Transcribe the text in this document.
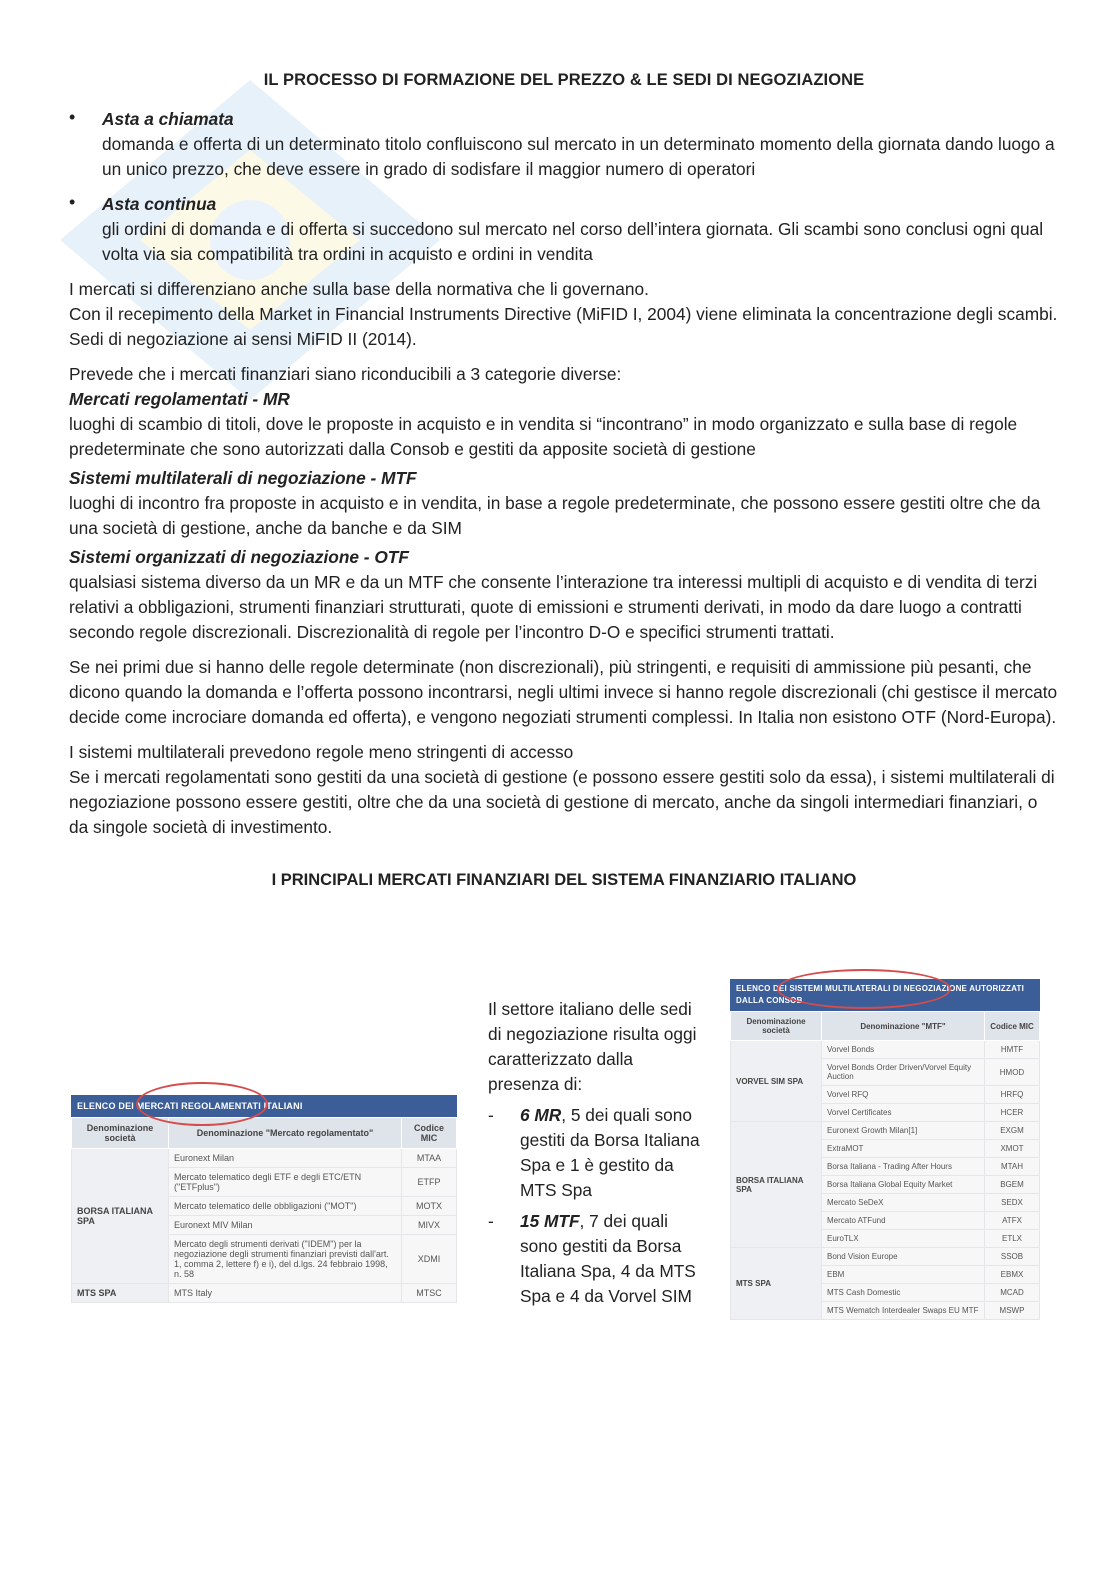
IL PROCESSO DI FORMAZIONE DEL PREZZO & LE SEDI DI NEGOZIAZIONE
• Asta a chiamata
domanda e offerta di un determinato titolo confluiscono sul mercato in un determinato momento della giornata dando luogo a un unico prezzo, che deve essere in grado di sodisfare il maggior numero di operatori
• Asta continua
gli ordini di domanda e di offerta si succedono sul mercato nel corso dell’intera giornata. Gli scambi sono conclusi ogni qual volta via sia compatibilità tra ordini in acquisto e ordini in vendita

I mercati si differenziano anche sulla base della normativa che li governano.
Con il recepimento della Market in Financial Instruments Directive (MiFID I, 2004) viene eliminata la concentrazione degli scambi. Sedi di negoziazione ai sensi MiFID II (2014).

Prevede che i mercati finanziari siano riconducibili a 3 categorie diverse:

Mercati regolamentati - MR
luoghi di scambio di titoli, dove le proposte in acquisto e in vendita si “incontrano” in modo organizzato e sulla base di regole predeterminate che sono autorizzati dalla Consob e gestiti da apposite società di gestione
Sistemi multilaterali di negoziazione - MTF
luoghi di incontro fra proposte in acquisto e in vendita, in base a regole predeterminate, che possono essere gestiti oltre che da una società di gestione, anche da banche e da SIM
Sistemi organizzati di negoziazione - OTF
qualsiasi sistema diverso da un MR e da un MTF che consente l’interazione tra interessi multipli di acquisto e di vendita di terzi relativi a obbligazioni, strumenti finanziari strutturati, quote di emissioni e strumenti derivati, in modo da dare luogo a contratti secondo regole discrezionali. Discrezionalità di regole per l’incontro D-O e specifici strumenti trattati.

Se nei primi due si hanno delle regole determinate (non discrezionali), più stringenti, e requisiti di ammissione più pesanti, che dicono quando la domanda e l’offerta possono incontrarsi, negli ultimi invece si hanno regole discrezionali (chi gestisce il mercato decide come incrociare domanda ed offerta), e vengono negoziati strumenti complessi. In Italia non esistono OTF (Nord-Europa).

I sistemi multilaterali prevedono regole meno stringenti di accesso
Se i mercati regolamentati sono gestiti da una società di gestione (e possono essere gestiti solo da essa), i sistemi multilaterali di negoziazione possono essere gestiti, oltre che da una società di gestione di mercato, anche da singoli intermediari finanziari, o da singole società di investimento.

I PRINCIPALI MERCATI FINANZIARI DEL SISTEMA FINANZIARIO ITALIANO
ELENCO DEI MERCATI REGOLAMENTATI ITALIANI
Denominazione società	Denominazione "Mercato regolamentato"	Codice MIC
BORSA ITALIANA SPA	Euronext Milan	MTAA
	Mercato telematico degli ETF e degli ETC/ETN ("ETFplus")	ETFP
	Mercato telematico delle obbligazioni ("MOT")	MOTX
	Euronext MIV Milan	MIVX
	Mercato degli strumenti derivati ("IDEM") per la negoziazione degli strumenti finanziari previsti dall'art. 1, comma 2, lettere f) e i), del d.lgs. 24 febbraio 1998, n. 58	XDMI
MTS SPA	MTS Italy	MTSC

Il settore italiano delle sedi di negoziazione risulta oggi caratterizzato dalla presenza di:

- 6 MR, 5 dei quali sono gestiti da Borsa Italiana Spa e 1 è gestito da MTS Spa
- 15 MTF, 7 dei quali sono gestiti da Borsa Italiana Spa, 4 da MTS Spa e 4 da Vorvel SIM
ELENCO DEI SISTEMI MULTILATERALI DI NEGOZIAZIONE AUTORIZZATI DALLA CONSOB
Denominazione società	Denominazione "MTF"	Codice MIC
VORVEL SIM SPA	Vorvel Bonds	HMTF
	Vorvel Bonds Order Driven/Vorvel Equity Auction	HMOD
	Vorvel RFQ	HRFQ
	Vorvel Certificates	HCER
BORSA ITALIANA SPA	Euronext Growth Milan[1]	EXGM
	ExtraMOT	XMOT
	Borsa Italiana - Trading After Hours	MTAH
	Borsa Italiana Global Equity Market	BGEM
	Mercato SeDeX	SEDX
	Mercato ATFund	ATFX
	EuroTLX	ETLX
MTS SPA	Bond Vision Europe	SSOB
	EBM	EBMX
	MTS Cash Domestic	MCAD
	MTS Wematch Interdealer Swaps EU MTF	MSWP
